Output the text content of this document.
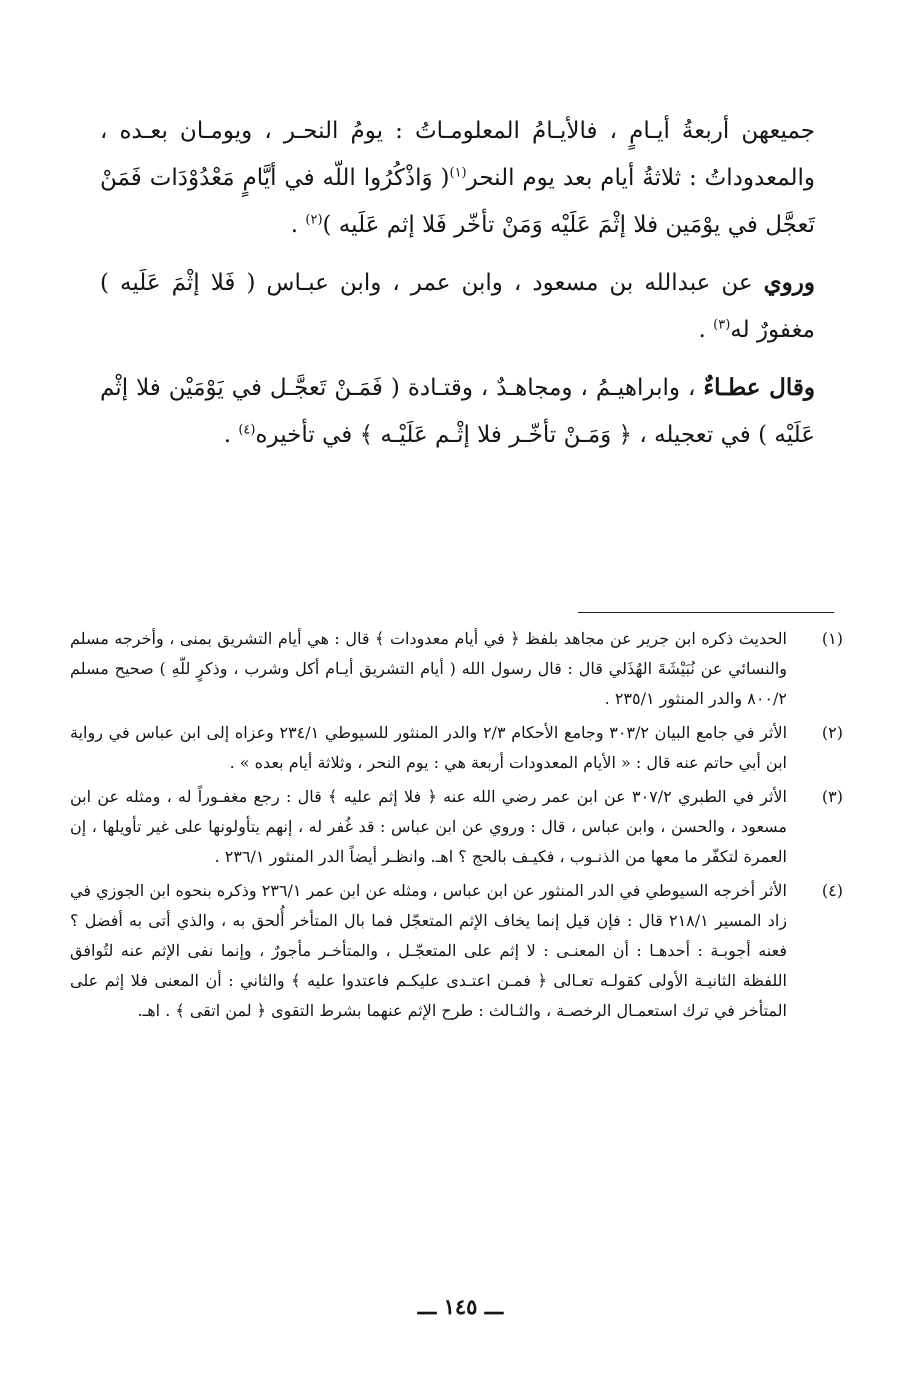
جميعهن أربعةُ أيـامٍ ، فالأيـامُ المعلومـاتُ : يومُ النحـر ، ويومـان بعـده ، والمعدوداتُ : ثلاثةُ أيام بعد يوم النحر$^{(١)}$( وَاذْكُرُوا اللّه في أيَّامٍ مَعْدُوْدَات فَمَنْ تَعجَّل في يوْمَين فلا إثْمَ عَلَيْه وَمَنْ تأخّر فَلا إثم عَلَيه )$^{(٢)}$ .

وروي عن عبدالله بن مسعود ، وابن عمر ، وابن عبـاس ( فَلا إثْمَ عَلَيه ) مغفورٌ له$^{(٣)}$ .

وقال عطـاءٌ ، وابراهيـمُ ، ومجاهـدٌ ، وقتـادة ( فَمَـنْ تَعجَّـل في يَوْمَيْن فلا إثْم عَلَيْه ) في تعجيله ، ﴿ وَمَـنْ تأخّـر فلا إثْـم عَلَيْـه ﴾ في تأخيره$^{(٤)}$ .

(١)
الحديث ذكره ابن جرير عن مجاهد بلفظ ﴿ في أيام معدودات ﴾ قال : هي أيام التشريق بمنى ، وأخرجه مسلم والنسائي عن نُبَيْشَةَ الهُذَلي قال : قال رسول الله ( أيام التشريق أيـام أكل وشرب ، وذكرٍ للّهِ ) صحيح مسلم ٨٠٠/٢ والدر المنثور ٢٣٥/١ .
(٢)
الأثر في جامع البيان ٣٠٣/٢ وجامع الأحكام ٢/٣ والدر المنثور للسيوطي ٢٣٤/١ وعزاه إلى ابن عباس في رواية ابن أبي حاتم عنه قال : « الأيام المعدودات أربعة هي : يوم النحر ، وثلاثة أيام بعده » .
(٣)
الأثر في الطبري ٣٠٧/٢ عن ابن عمر رضي الله عنه ﴿ فلا إثم عليه ﴾ قال : رجع مغفـوراً له ، ومثله عن ابن مسعود ، والحسن ، وابن عباس ، قال : وروي عن ابن عباس : قد غُفر له ، إنهم يتأولونها على غير تأويلها ، إن العمرة لتكفّر ما معها من الذنـوب ، فكيـف بالحج ؟ اهـ. وانظـر أيضاً الدر المنثور ٢٣٦/١ .
(٤)
الأثر أخرجه السيوطي في الدر المنثور عن ابن عباس ، ومثله عن ابن عمر ٢٣٦/١ وذكره بنحوه ابن الجوزي في زاد المسير ٢١٨/١ قال : فإن قيل إنما يخاف الإثم المتعجّل فما بال المتأخر أُلحق به ، والذي أتى به أفضل ؟ فعنه أجوبـة : أحدهـا : أن المعنـى : لا إثم على المتعجّـل ، والمتأخـر مأجورٌ ، وإنما نفى الإثم عنه لتُوافق اللفظة الثانيـة الأولى كقولـه تعـالى ﴿ فمـن اعتـدى عليكـم فاعتدوا عليه ﴾ والثاني : أن المعنى فلا إثم على المتأخر في ترك استعمـال الرخصـة ، والثـالث : طرح الإثم عنهما بشرط التقوى ﴿ لمن اتقى ﴾ . اهـ.
ـــ ١٤٥ ـــ
